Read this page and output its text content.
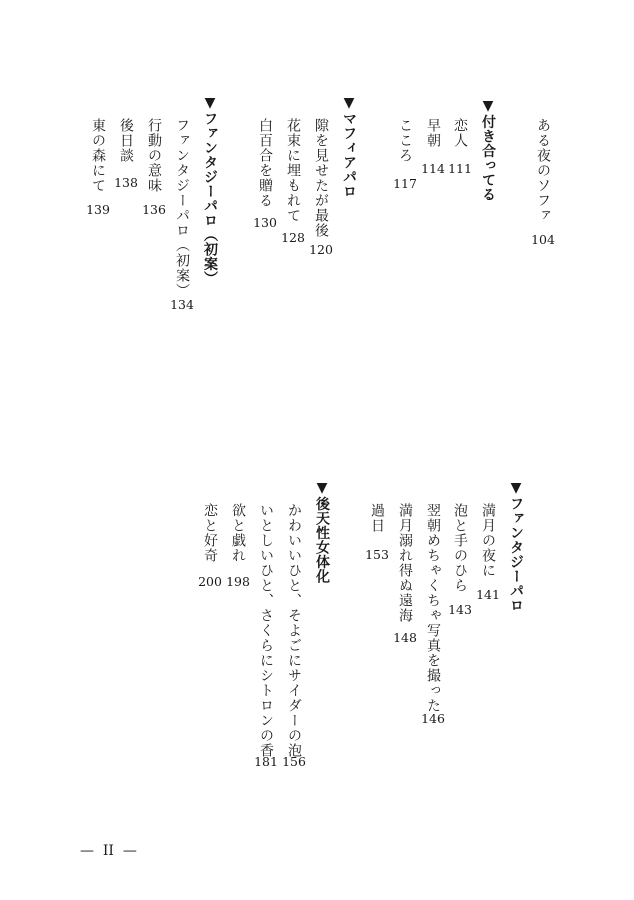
ある夜のソファ
104
▼付き合ってる
恋人
111
早朝
114
こころ
117
▼マフィアパロ
隙を見せたが最後
120
花束に埋もれて
128
白百合を贈る
130
▼ファンタジーパロ（初案）
ファンタジーパロ（初案）
134
行動の意味
136
後日談
138
東の森にて
139
▼ファンタジーパロ
満月の夜に
141
泡と手のひら
143
翌朝めちゃくちゃ写真を撮った
146
満月溺れ得ぬ遠海
148
過日
153
▼後天性女体化
かわいいひと、そよごにサイダーの泡
156
いとしいひと、さくらにシトロンの香
181
欲と戯れ
198
恋と好奇
200
—  II  —
